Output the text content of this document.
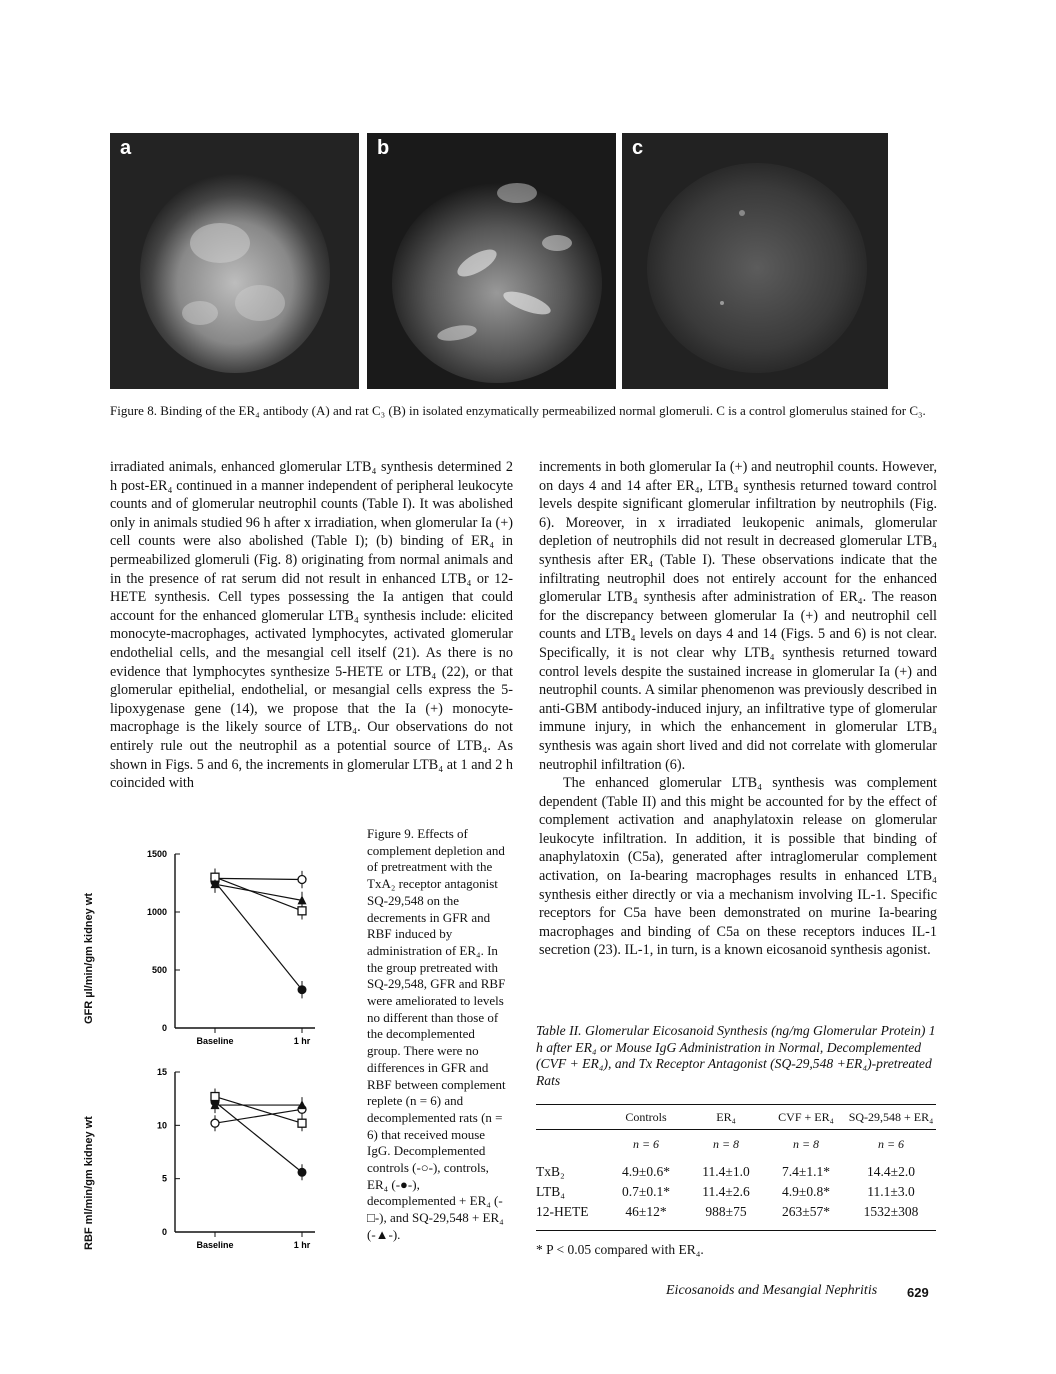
a	b	c
Figure 8. Binding of the ER₄ antibody (A) and rat C₃ (B) in isolated enzymatically permeabilized normal glomeruli. C is a control glomerulus stained for C₃.

irradiated animals, enhanced glomerular LTB₄ synthesis determined 2 h post-ER₄ continued in a manner independent of peripheral leukocyte counts and of glomerular neutrophil counts (Table I). It was abolished only in animals studied 96 h after x irradiation, when glomerular Ia (+) cell counts were also abolished (Table I); (b) binding of ER₄ in permeabilized glomeruli (Fig. 8) originating from normal animals and in the presence of rat serum did not result in enhanced LTB₄ or 12-HETE synthesis. Cell types possessing the Ia antigen that could account for the enhanced glomerular LTB₄ synthesis include: elicited monocyte-macrophages, activated lymphocytes, activated glomerular endothelial cells, and the mesangial cell itself (21). As there is no evidence that lymphocytes synthesize 5-HETE or LTB₄ (22), or that glomerular epithelial, endothelial, or mesangial cells express the 5-lipoxygenase gene (14), we propose that the Ia (+) monocyte-macrophage is the likely source of LTB₄. Our observations do not entirely rule out the neutrophil as a potential source of LTB₄. As shown in Figs. 5 and 6, the increments in glomerular LTB₄ at 1 and 2 h coincided with

increments in both glomerular Ia (+) and neutrophil counts. However, on days 4 and 14 after ER₄, LTB₄ synthesis returned toward control levels despite significant glomerular infiltration by neutrophils (Fig. 6). Moreover, in x irradiated leukopenic animals, glomerular depletion of neutrophils did not result in decreased glomerular LTB₄ synthesis after ER₄ (Table I). These observations indicate that the infiltrating neutrophil does not entirely account for the enhanced glomerular LTB₄ synthesis after administration of ER₄. The reason for the discrepancy between glomerular Ia (+) and neutrophil cell counts and LTB₄ levels on days 4 and 14 (Figs. 5 and 6) is not clear. Specifically, it is not clear why LTB₄ synthesis returned toward control levels despite the sustained increase in glomerular Ia (+) and neutrophil counts. A similar phenomenon was previously described in anti-GBM antibody-induced injury, an infiltrative type of glomerular immune injury, in which the enhancement in glomerular LTB₄ synthesis was again short lived and did not correlate with glomerular neutrophil infiltration (6).

The enhanced glomerular LTB₄ synthesis was complement dependent (Table II) and this might be accounted for by the effect of complement activation and anaphylatoxin release on glomerular leukocyte infiltration. In addition, it is possible that binding of anaphylatoxin (C5a), generated after intraglomerular complement activation, on Ia-bearing macrophages results in enhanced LTB₄ synthesis either directly or via a mechanism involving IL-1. Specific receptors for C5a have been demonstrated on murine Ia-bearing macrophages and binding of C5a on these receptors induces IL-1 secretion (23). IL-1, in turn, is a known eicosanoid synthesis agonist.

GFR µl/min/gm kidney wt
RBF ml/min/gm kidney wt
0
500
1000
1500
Baseline	1 hr
0
5
10
15
Baseline	1 hr
Figure 9. Effects of complement depletion and of pretreatment with the TxA₂ receptor antagonist SQ-29,548 on the decrements in GFR and RBF induced by administration of ER₄. In the group pretreated with SQ-29,548, GFR and RBF were ameliorated to levels no different than those of the decomplemented group. There were no differences in GFR and RBF between complement replete (n = 6) and decomplemented rats (n = 6) that received mouse IgG. Decomplemented controls (-○-), controls, ER₄ (-●-), decomplemented + ER₄ (-□-), and SQ-29,548 + ER₄ (-▲-).
Table II. Glomerular Eicosanoid Synthesis (ng/mg Glomerular Protein) 1 h after ER₄ or Mouse IgG Administration in Normal, Decomplemented (CVF + ER₄), and Tx Receptor Antagonist (SQ-29,548 +ER₄)-pretreated Rats
	Controls	ER₄	CVF + ER₄	SQ-29,548 + ER₄
	n = 6	n = 8	n = 8	n = 6

TxB₂	4.9±0.6*	11.4±1.0	7.4±1.1*	14.4±2.0
LTB₄	0.7±0.1*	11.4±2.6	4.9±0.8*	11.1±3.0
12-HETE	46±12*	988±75	263±57*	1532±308
* P < 0.05 compared with ER₄.
Eicosanoids and Mesangial Nephritis 629
